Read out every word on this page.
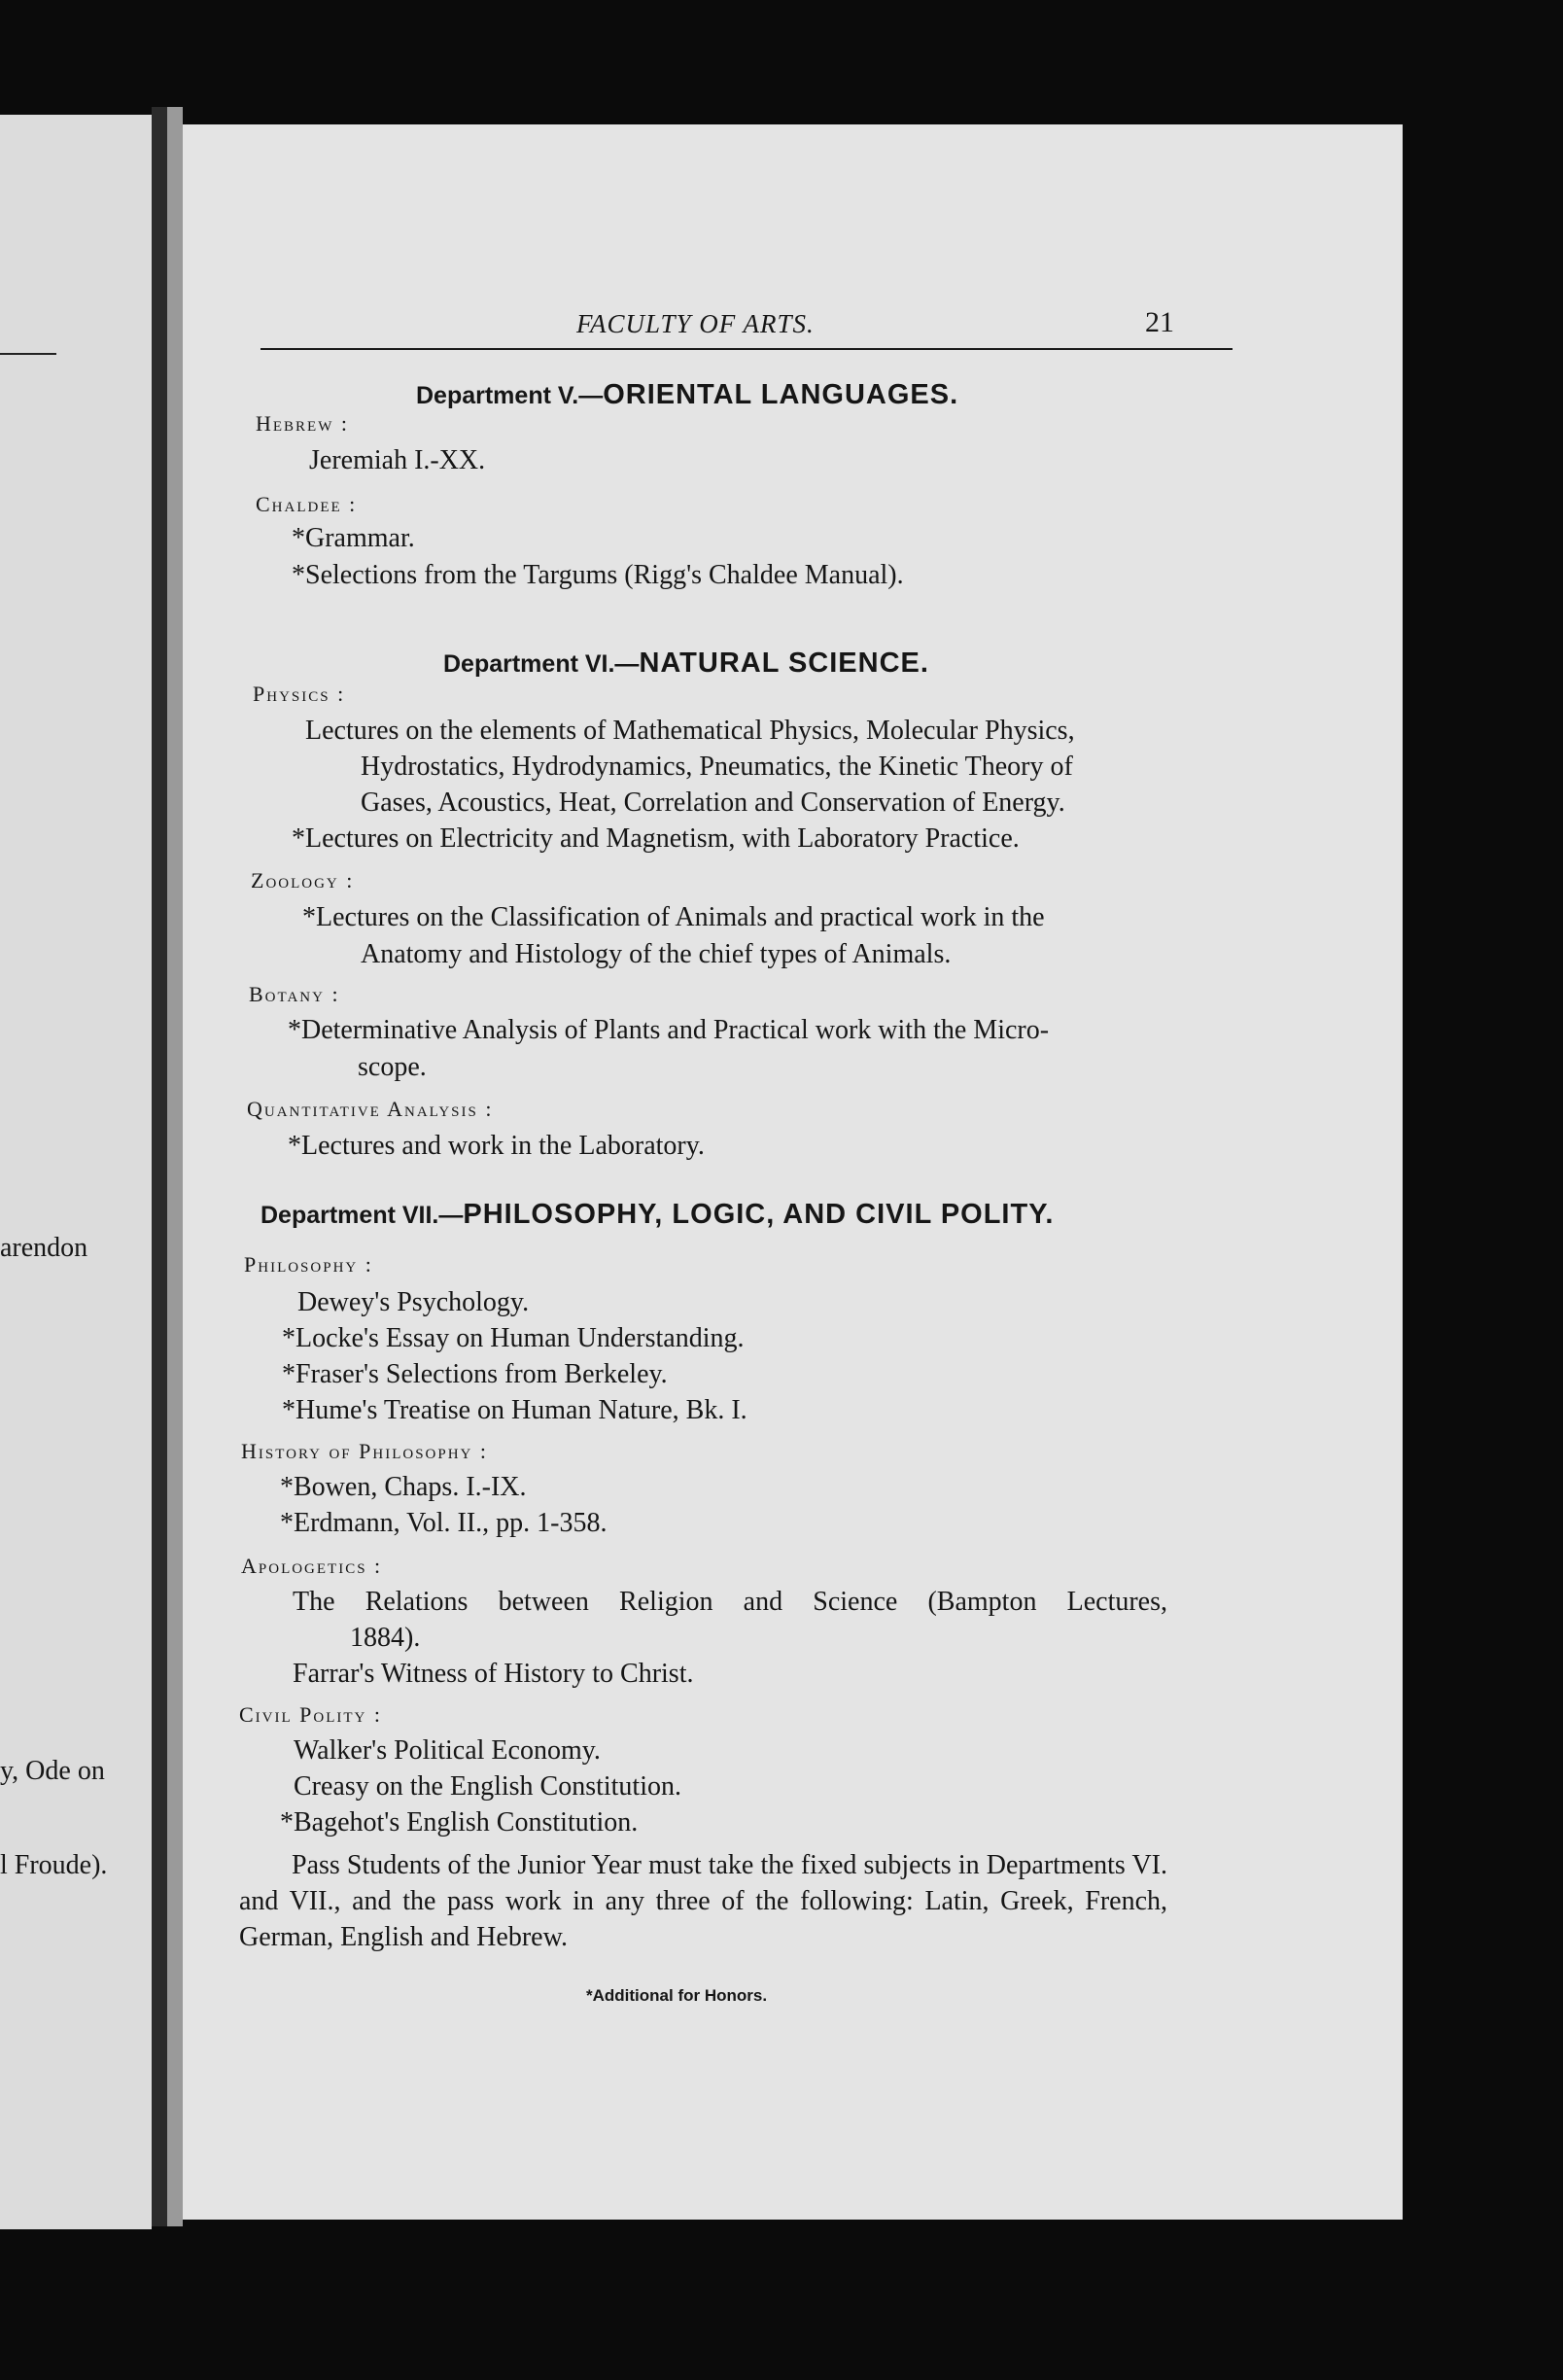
arendon
y, Ode on
l Froude).
FACULTY OF ARTS.	21
Department V.—ORIENTAL LANGUAGES.
Hebrew :
Jeremiah I.-XX.
Chaldee :
*Grammar.
*Selections from the Targums (Rigg's Chaldee Manual).
Department VI.—NATURAL SCIENCE.
Physics :
Lectures on the elements of Mathematical Physics, Molecular Physics,
Hydrostatics, Hydrodynamics, Pneumatics, the Kinetic Theory of
Gases, Acoustics, Heat, Correlation and Conservation of Energy.
*Lectures on Electricity and Magnetism, with Laboratory Practice.
Zoology :
*Lectures on the Classification of Animals and practical work in the
Anatomy and Histology of the chief types of Animals.
Botany :
*Determinative Analysis of Plants and Practical work with the Micro-
scope.
Quantitative Analysis :
*Lectures and work in the Laboratory.
Department VII.—PHILOSOPHY, LOGIC, AND CIVIL POLITY.
Philosophy :
Dewey's Psychology.
*Locke's Essay on Human Understanding.
*Fraser's Selections from Berkeley.
*Hume's Treatise on Human Nature, Bk. I.
History of Philosophy :
*Bowen, Chaps. I.-IX.
*Erdmann, Vol. II., pp. 1-358.
Apologetics :
The Relations between Religion and Science (Bampton Lectures,
1884).
Farrar's Witness of History to Christ.
Civil Polity :
Walker's Political Economy.
Creasy on the English Constitution.
*Bagehot's English Constitution.
Pass Students of the Junior Year must take the fixed subjects in Departments VI. and VII., and the pass work in any three of the following: Latin, Greek, French, German, English and Hebrew.
*Additional for Honors.
